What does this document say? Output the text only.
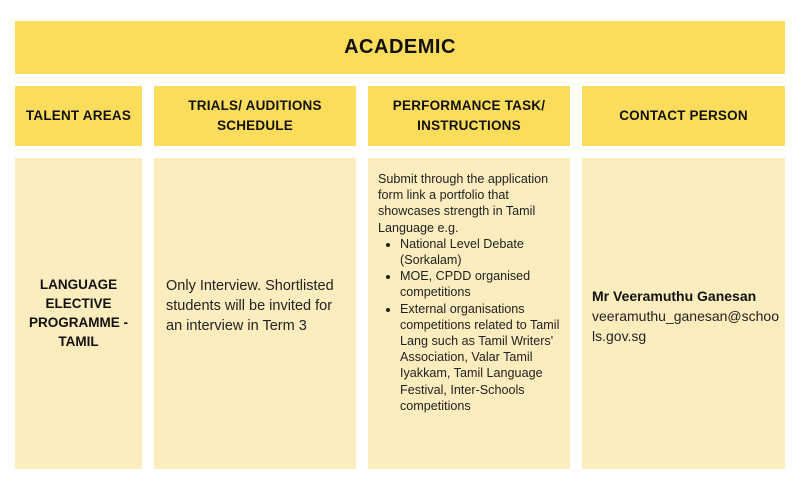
ACADEMIC
TALENT AREAS
TRIALS/ AUDITIONS SCHEDULE
PERFORMANCE TASK/ INSTRUCTIONS
CONTACT PERSON
LANGUAGE ELECTIVE PROGRAMME - TAMIL
Only Interview. Shortlisted students will be invited for an interview in Term 3
Submit through the application form link a portfolio that showcases strength in Tamil Language e.g.
• National Level Debate (Sorkalam)
• MOE, CPDD organised competitions
• External organisations competitions related to Tamil Lang such as Tamil Writers' Association, Valar Tamil Iyakkam, Tamil Language Festival, Inter-Schools competitions
Mr Veeramuthu Ganesan
veeramuthu_ganesan@schools.gov.sg
